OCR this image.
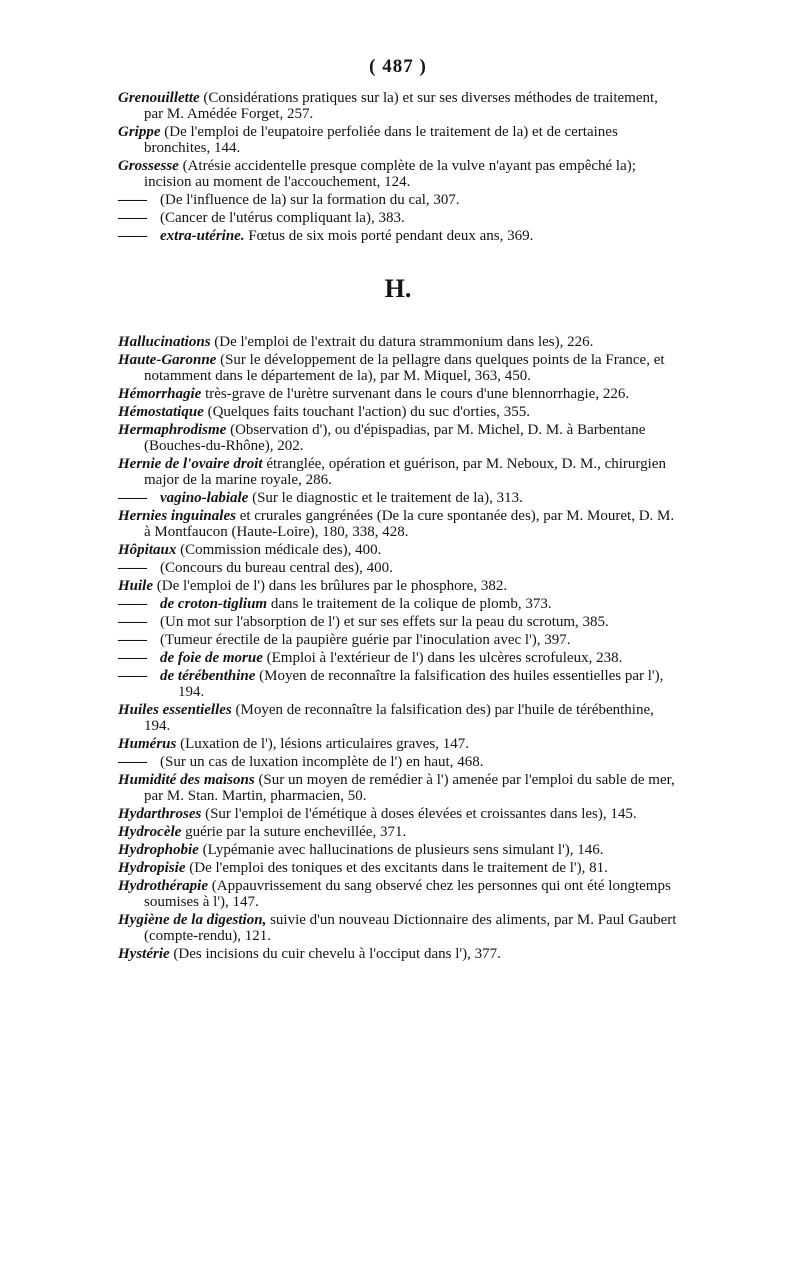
( 487 )
Grenouillette (Considérations pratiques sur la) et sur ses diverses méthodes de traitement, par M. Amédée Forget, 257.
Grippe (De l'emploi de l'eupatoire perfoliée dans le traitement de la) et de certaines bronchites, 144.
Grossesse (Atrésie accidentelle presque complète de la vulve n'ayant pas empêché la); incision au moment de l'accouchement, 124.
—— (De l'influence de la) sur la formation du cal, 307.
—— (Cancer de l'utérus compliquant la), 383.
—— extra-utérine. Fœtus de six mois porté pendant deux ans, 369.
H.
Hallucinations (De l'emploi de l'extrait du datura strammonium dans les), 226.
Haute-Garonne (Sur le développement de la pellagre dans quelques points de la France, et notamment dans le département de la), par M. Miquel, 363, 450.
Hémorrhagie très-grave de l'urètre survenant dans le cours d'une blennorrhagie, 226.
Hémostatique (Quelques faits touchant l'action) du suc d'orties, 355.
Hermaphrodisme (Observation d'), ou d'épispadias, par M. Michel, D. M. à Barbentane (Bouches-du-Rhône), 202.
Hernie de l'ovaire droit étranglée, opération et guérison, par M. Neboux, D. M., chirurgien major de la marine royale, 286.
—— vagino-labiale (Sur le diagnostic et le traitement de la), 313.
Hernies inguinales et crurales gangrénées (De la cure spontanée des), par M. Mouret, D. M. à Montfaucon (Haute-Loire), 180, 338, 428.
Hôpitaux (Commission médicale des), 400.
—— (Concours du bureau central des), 400.
Huile (De l'emploi de l') dans les brûlures par le phosphore, 382.
—— de croton-tiglium dans le traitement de la colique de plomb, 373.
—— (Un mot sur l'absorption de l') et sur ses effets sur la peau du scrotum, 385.
—— (Tumeur érectile de la paupière guérie par l'inoculation avec l'), 397.
—— de foie de morue (Emploi à l'extérieur de l') dans les ulcères scrofuleux, 238.
—— de térébenthine (Moyen de reconnaître la falsification des huiles essentielles par l'), 194.
Huiles essentielles (Moyen de reconnaître la falsification des) par l'huile de térébenthine, 194.
Humérus (Luxation de l'), lésions articulaires graves, 147.
—— (Sur un cas de luxation incomplète de l') en haut, 468.
Humidité des maisons (Sur un moyen de remédier à l') amenée par l'emploi du sable de mer, par M. Stan. Martin, pharmacien, 50.
Hydarthroses (Sur l'emploi de l'émétique à doses élevées et croissantes dans les), 145.
Hydrocèle guérie par la suture enchevillée, 371.
Hydrophobie (Lypémanie avec hallucinations de plusieurs sens simulant l'), 146.
Hydropisie (De l'emploi des toniques et des excitants dans le traitement de l'), 81.
Hydrothérapie (Appauvrissement du sang observé chez les personnes qui ont été longtemps soumises à l'), 147.
Hygiène de la digestion, suivie d'un nouveau Dictionnaire des aliments, par M. Paul Gaubert (compte-rendu), 121.
Hystérie (Des incisions du cuir chevelu à l'occiput dans l'), 377.
